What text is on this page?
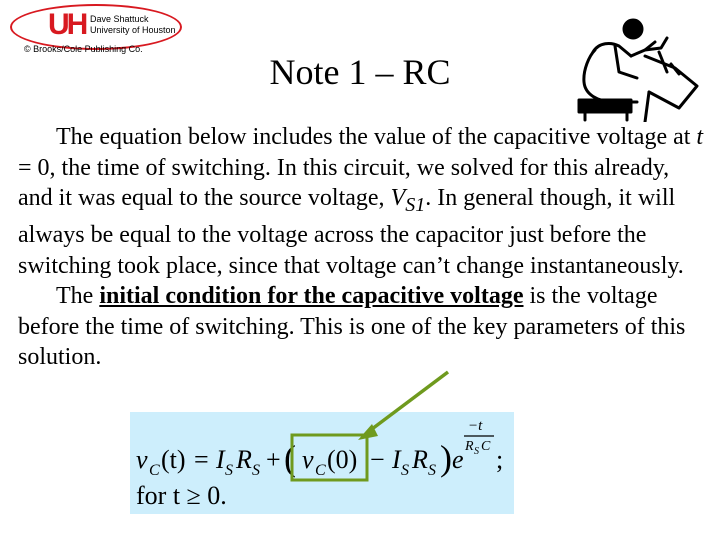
UH Dave Shattuck
University of Houston
© Brooks/Cole Publishing Co.
Note 1 – RC

The equation below includes the value of the capacitive voltage at t = 0, the time of switching. In this circuit, we solved for this already, and it was equal to the source voltage, $V_{S1}$. In general though, it will always be equal to the voltage across the capacitor just before the switching took place, since that voltage can’t change instantaneously.

The initial condition for the capacitive voltage is the voltage before the time of switching. This is one of the key parameters of this solution.

v C (t) = I S R S + ( v C (0) − I S R S ) e
−t
R S C ;
for t ≥ 0.
